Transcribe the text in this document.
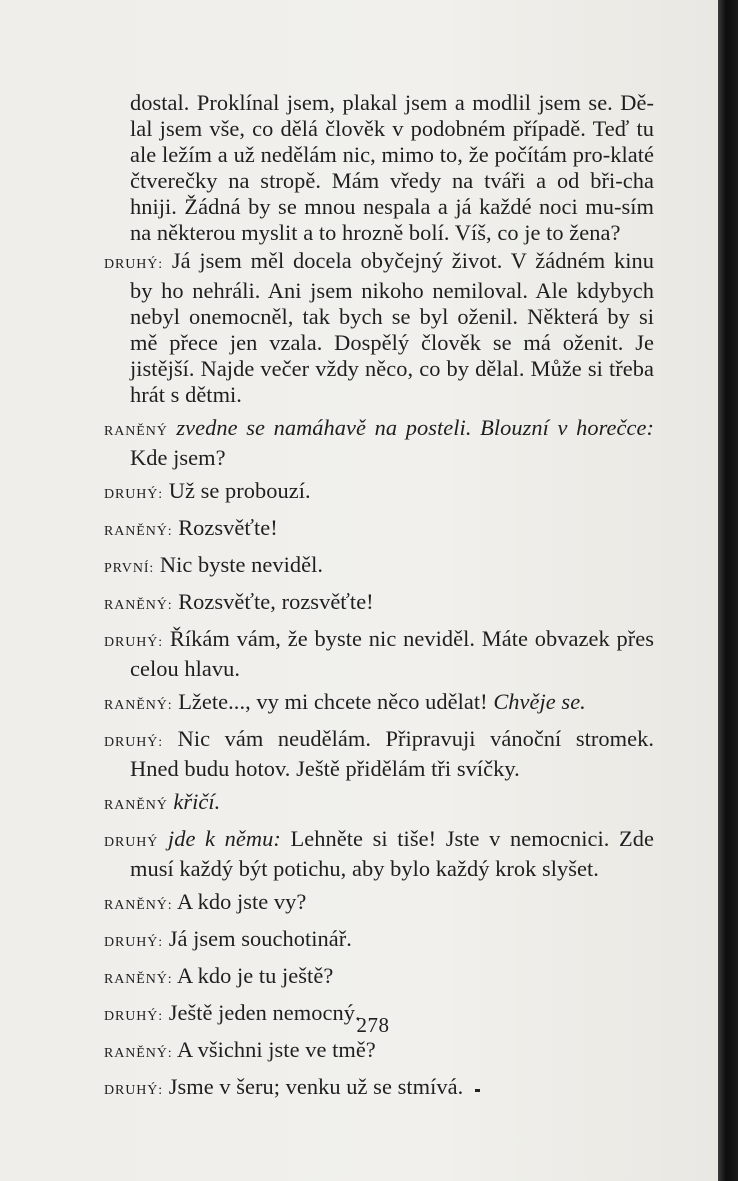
dostal. Proklínal jsem, plakal jsem a modlil jsem se. Dě-lal jsem vše, co dělá člověk v podobném případě. Teď tu ale ležím a už nedělám nic, mimo to, že počítám pro-klaté čtverečky na stropě. Mám vředy na tváři a od bři-cha hniji. Žádná by se mnou nespala a já každé noci mu-sím na některou myslit a to hrozně bolí. Víš, co je to žena?

DRUHÝ: Já jsem měl docela obyčejný život. V žádném kinu by ho nehráli. Ani jsem nikoho nemiloval. Ale kdybych nebyl onemocněl, tak bych se byl oženil. Některá by si mě přece jen vzala. Dospělý člověk se má oženit. Je jistější. Najde večer vždy něco, co by dělal. Může si třeba hrát s dětmi.

RANĚNÝ zvedne se namáhavě na posteli. Blouzní v horečce: Kde jsem?

DRUHÝ: Už se probouzí.

RANĚNÝ: Rozsvěťte!

PRVNÍ: Nic byste neviděl.

RANĚNÝ: Rozsvěťte, rozsvěťte!

DRUHÝ: Říkám vám, že byste nic neviděl. Máte obvazek přes celou hlavu.

RANĚNÝ: Lžete..., vy mi chcete něco udělat! Chvěje se.

DRUHÝ: Nic vám neudělám. Připravuji vánoční stromek. Hned budu hotov. Ještě přidělám tři svíčky.

RANĚNÝ křičí.

DRUHÝ jde k němu: Lehněte si tiše! Jste v nemocnici. Zde musí každý být potichu, aby bylo každý krok slyšet.

RANĚNÝ: A kdo jste vy?

DRUHÝ: Já jsem souchotinář.

RANĚNÝ: A kdo je tu ještě?

DRUHÝ: Ještě jeden nemocný.

RANĚNÝ: A všichni jste ve tmě?

DRUHÝ: Jsme v šeru; venku už se stmívá.

278
